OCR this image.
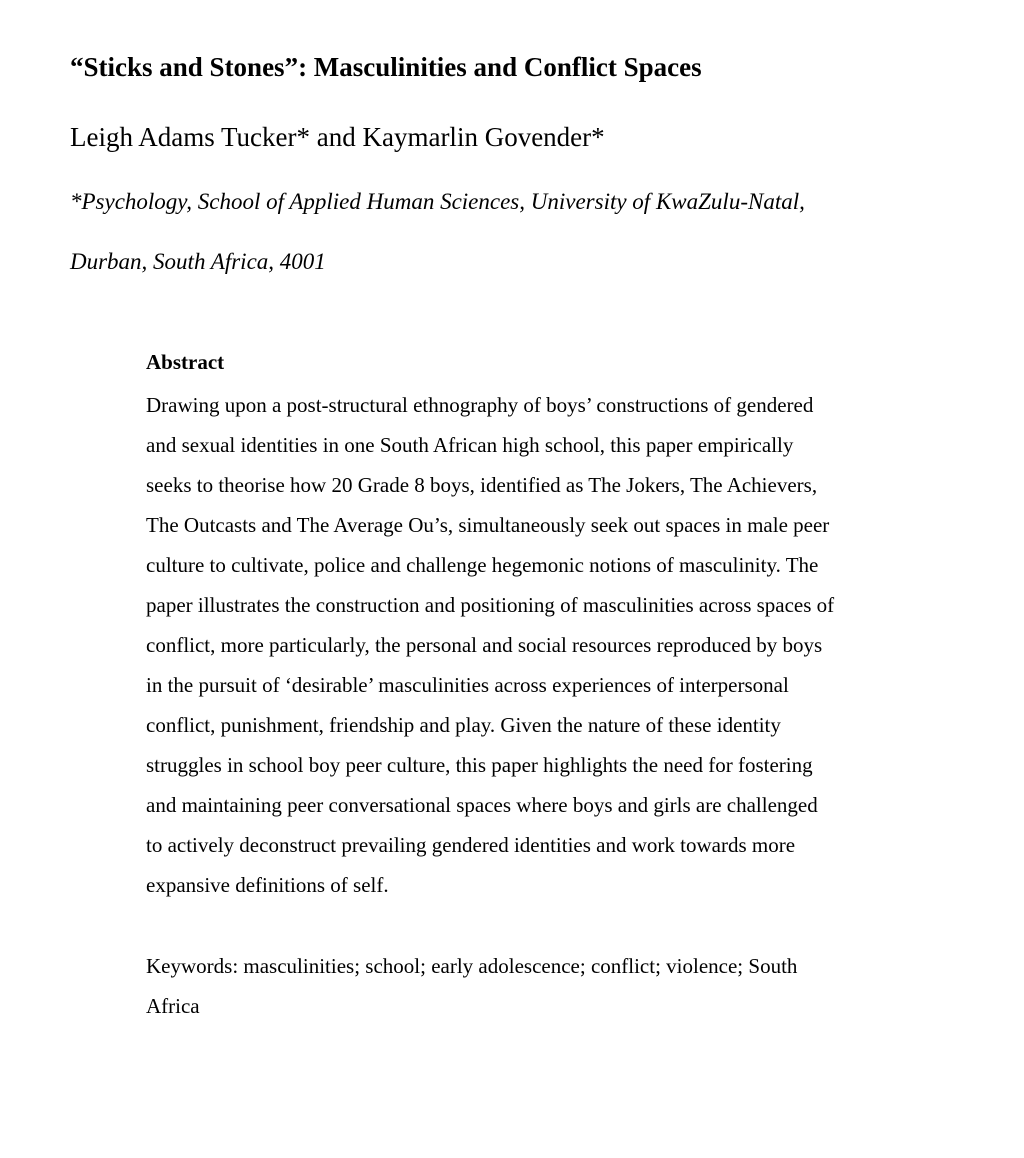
“Sticks and Stones”: Masculinities and Conflict Spaces
Leigh Adams Tucker* and Kaymarlin Govender*
*Psychology, School of Applied Human Sciences, University of KwaZulu-Natal,
Durban, South Africa, 4001
Abstract
Drawing upon a post-structural ethnography of boys’ constructions of gendered
and sexual identities in one South African high school, this paper empirically
seeks to theorise how 20 Grade 8 boys, identified as The Jokers, The Achievers,
The Outcasts and The Average Ou’s, simultaneously seek out spaces in male peer
culture to cultivate, police and challenge hegemonic notions of masculinity. The
paper illustrates the construction and positioning of masculinities across spaces of
conflict, more particularly, the personal and social resources reproduced by boys
in the pursuit of ‘desirable’ masculinities across experiences of interpersonal
conflict, punishment, friendship and play. Given the nature of these identity
struggles in school boy peer culture, this paper highlights the need for fostering
and maintaining peer conversational spaces where boys and girls are challenged
to actively deconstruct prevailing gendered identities and work towards more
expansive definitions of self.
Keywords: masculinities; school; early adolescence; conflict; violence; South
Africa
